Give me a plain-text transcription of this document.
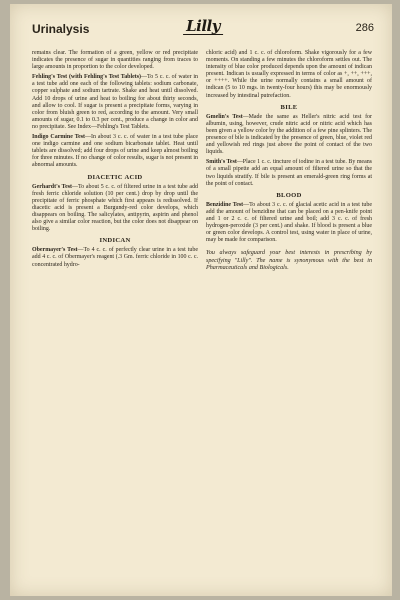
Urinalysis	Lilly	286

remains clear. The formation of a green, yellow or red precipitate indicates the presence of sugar in quantities ranging from traces to large amounts in proportion to the color developed.

Fehling's Test (with Fehling's Test Tablets)—To 5 c. c. of water in a test tube add one each of the following tablets: sodium carbonate, copper sulphate and sodium tartrate. Shake and heat until dissolved. Add 10 drops of urine and heat to boiling for about thirty seconds, and allow to cool. If sugar is present a precipitate forms, varying in color from bluish green to red, according to the amount. Very small amounts of sugar, 0.1 to 0.3 per cent., produce a change in color and no precipitate. See Index—Fehling's Test Tablets.

Indigo Carmine Test—In about 3 c. c. of water in a test tube place one indigo carmine and one sodium bicarbonate tablet. Heat until tablets are dissolved; add four drops of urine and keep almost boiling for three minutes. If no change of color results, sugar is not present in abnormal amounts.

DIACETIC ACID

Gerhardt's Test—To about 5 c. c. of filtered urine in a test tube add fresh ferric chloride solution (10 per cent.) drop by drop until the precipitate of ferric phosphate which first appears is redissolved. If diacetic acid is present a Burgundy-red color develops, which disappears on boiling. The salicylates, antipyrin, aspirin and phenol also give a similar color reaction, but the color does not disappear on boiling.

INDICAN

Obermayer's Test—To 4 c. c. of perfectly clear urine in a test tube add 4 c. c. of Obermayer's reagent (.3 Gm. ferric chloride in 100 c. c. concentrated hydro-

chloric acid) and 1 c. c. of chloroform. Shake vigorously for a few moments. On standing a few minutes the chloroform settles out. The intensity of blue color produced depends upon the amount of indican present. Indican is usually expressed in terms of color as +, ++, +++, or ++++. While the urine normally contains a small amount of indican (5 to 10 mgs. in twenty-four hours) this may be enormously increased by intestinal putrefaction.

BILE

Gmelin's Test—Made the same as Heller's nitric acid test for albumin, using, however, crude nitric acid or nitric acid which has been given a yellow color by the addition of a few pine splinters. The presence of bile is indicated by the presence of green, blue, violet red and yellowish red rings just above the point of contact of the two liquids.

Smith's Test—Place 1 c. c. tincture of iodine in a test tube. By means of a small pipette add an equal amount of filtered urine so that the two liquids stratify. If bile is present an emerald-green ring forms at the point of contact.

BLOOD

Benzidine Test—To about 3 c. c. of glacial acetic acid in a test tube add the amount of benzidine that can be placed on a pen-knife point and 1 or 2 c. c. of filtered urine and boil; add 3 c. c. of fresh hydrogen-peroxide (3 per cent.) and shake. If blood is present a blue or green color develops. A control test, using water in place of urine, may be made for comparison.

You always safeguard your best interests in prescribing by specifying "Lilly". The name is synonymous with the best in Pharmaceuticals and Biologicals.
